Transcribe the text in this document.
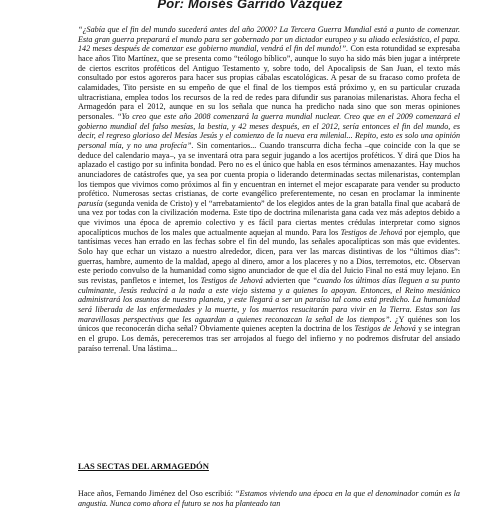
Por: Moisés Garrido Vázquez

“¿Sabía que el fin del mundo sucederá antes del año 2000? La Tercera Guerra Mundial está a punto de comenzar. Esta gran guerra preparará el mundo para ser gobernado por un dictador europeo y su aliado eclesiástico, el papa. 142 meses después de comenzar ese gobierno mundial, vendrá el fin del mundo!”. Con esta rotundidad se expresaba hace años Tito Martínez, que se presenta como “teólogo bíblico”, aunque lo suyo ha sido más bien jugar a intérprete de ciertos escritos proféticos del Antiguo Testamento y, sobre todo, del Apocalipsis de San Juan, el texto más consultado por estos agoreros para hacer sus propias cábalas escatológicas. A pesar de su fracaso como profeta de calamidades, Tito persiste en su empeño de que el final de los tiempos está próximo y, en su particular cruzada ultracristiana, emplea todos los recursos de la red de redes para difundir sus paranoias milenaristas. Ahora fecha el Armagedón para el 2012, aunque en su los señala que nunca ha predicho nada sino que son meras opiniones personales. “Yo creo que este año 2008 comenzará la guerra mundial nuclear. Creo que en el 2009 comenzará el gobierno mundial del falso mesías, la bestia, y 42 meses después, en el 2012, sería entonces el fin del mundo, es decir, el regreso glorioso del Mesías Jesús y el comienzo de la nueva era milenial... Repito, esto es solo una opinión personal mía, y no una profecía”. Sin comentarios... Cuando transcurra dicha fecha –que coincide con la que se deduce del calendario maya–, ya se inventará otra para seguir jugando a los acertijos proféticos. Y dirá que Dios ha aplazado el castigo por su infinita bondad. Pero no es el único que habla en esos términos amenazantes. Hay muchos anunciadores de catástrofes que, ya sea por cuenta propia o liderando determinadas sectas milenaristas, contemplan los tiempos que vivimos como próximos al fin y encuentran en internet el mejor escaparate para vender su producto profético. Numerosas sectas cristianas, de corte evangélico preferentemente, no cesan en proclamar la inminente parusía (segunda venida de Cristo) y el “arrebatamiento” de los elegidos antes de la gran batalla final que acabará de una vez por todas con la civilización moderna. Este tipo de doctrina milenarista gana cada vez más adeptos debido a que vivimos una época de apremio colectivo y es fácil para ciertas mentes crédulas interpretar como signos apocalípticos muchos de los males que actualmente aquejan al mundo. Para los Testigos de Jehová por ejemplo, que tantísimas veces han errado en las fechas sobre el fin del mundo, las señales apocalípticas son más que evidentes. Solo hay que echar un vistazo a nuestro alrededor, dicen, para ver las marcas distintivas de los “últimos días”: guerras, hambre, aumento de la maldad, apego al dinero, amor a los placeres y no a Dios, terremotos, etc. Observan este periodo convulso de la humanidad como signo anunciador de que el día del Juicio Final no está muy lejano. En sus revistas, panfletos e internet, los Testigos de Jehová advierten que “cuando los últimos días lleguen a su punto culminante, Jesús reducirá a la nada a este viejo sistema y a quienes lo apoyan. Entonces, el Reino mesiánico administrará los asuntos de nuestro planeta, y este llegará a ser un paraíso tal como está predicho. La humanidad será liberada de las enfermedades y la muerte, y los muertos resucitarán para vivir en la Tierra. Estas son las maravillosas perspectivas que les aguardan a quienes reconozcan la señal de los tiempos”. ¿Y quiénes son los únicos que reconocerán dicha señal? Obviamente quienes acepten la doctrina de los Testigos de Jehová y se integran en el grupo. Los demás, pereceremos tras ser arrojados al fuego del infierno y no podremos disfrutar del ansiado paraíso terrenal. Una lástima...

LAS SECTAS DEL ARMAGEDÓN

Hace años, Fernando Jiménez del Oso escribió: “Estamos viviendo una época en la que el denominador común es la angustia. Nunca como ahora el futuro se nos ha planteado tan
